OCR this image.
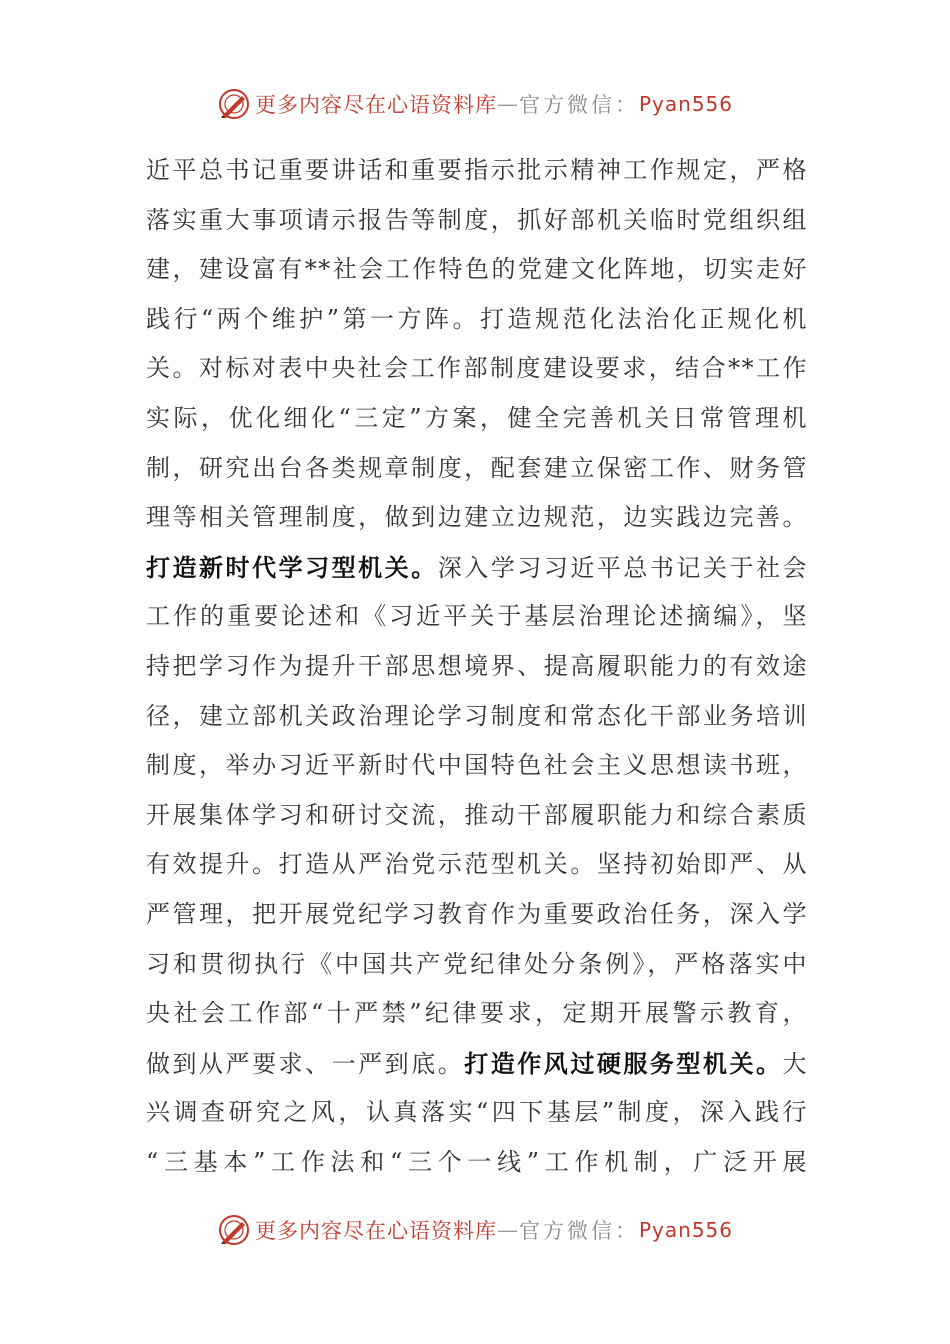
更多内容尽在心语资料库 — 官方微信： Pyan556
近平总书记重要讲话和重要指示批示精神工作规定，严格
落实重大事项请示报告等制度，抓好部机关临时党组织组
建，建设富有**社会工作特色的党建文化阵地，切实走好
践行“两个维护”第一方阵。打造规范化法治化正规化机
关。对标对表中央社会工作部制度建设要求，结合**工作
实际，优化细化“三定”方案，健全完善机关日常管理机
制，研究出台各类规章制度，配套建立保密工作、财务管
理等相关管理制度，做到边建立边规范，边实践边完善。
打造新时代学习型机关。深入学习习近平总书记关于社会
工作的重要论述和《习近平关于基层治理论述摘编》，坚
持把学习作为提升干部思想境界、提高履职能力的有效途
径，建立部机关政治理论学习制度和常态化干部业务培训
制度，举办习近平新时代中国特色社会主义思想读书班，
开展集体学习和研讨交流，推动干部履职能力和综合素质
有效提升。打造从严治党示范型机关。坚持初始即严、从
严管理，把开展党纪学习教育作为重要政治任务，深入学
习和贯彻执行《中国共产党纪律处分条例》，严格落实中
央社会工作部“十严禁”纪律要求，定期开展警示教育，
做到从严要求、一严到底。打造作风过硬服务型机关。大
兴调查研究之风，认真落实“四下基层”制度，深入践行
“三基本”工作法和“三个一线”工作机制，广泛开展
更多内容尽在心语资料库 — 官方微信： Pyan556
